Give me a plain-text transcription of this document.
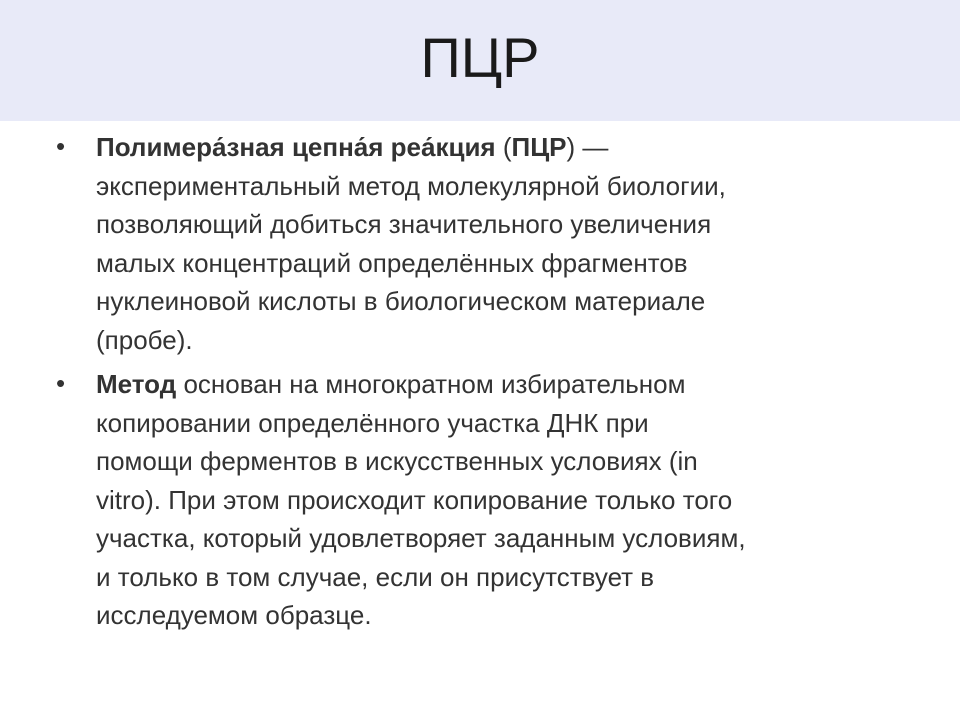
ПЦР
• Полимера́зная цепна́я реа́кция (ПЦР) —
экспериментальный метод молекулярной биологии,
позволяющий добиться значительного увеличения
малых концентраций определённых фрагментов
нуклеиновой кислоты в биологическом материале
(пробе).
• Метод основан на многократном избирательном
копировании определённого участка ДНК при
помощи ферментов в искусственных условиях (in
vitro). При этом происходит копирование только того
участка, который удовлетворяет заданным условиям,
и только в том случае, если он присутствует в
исследуемом образце.
